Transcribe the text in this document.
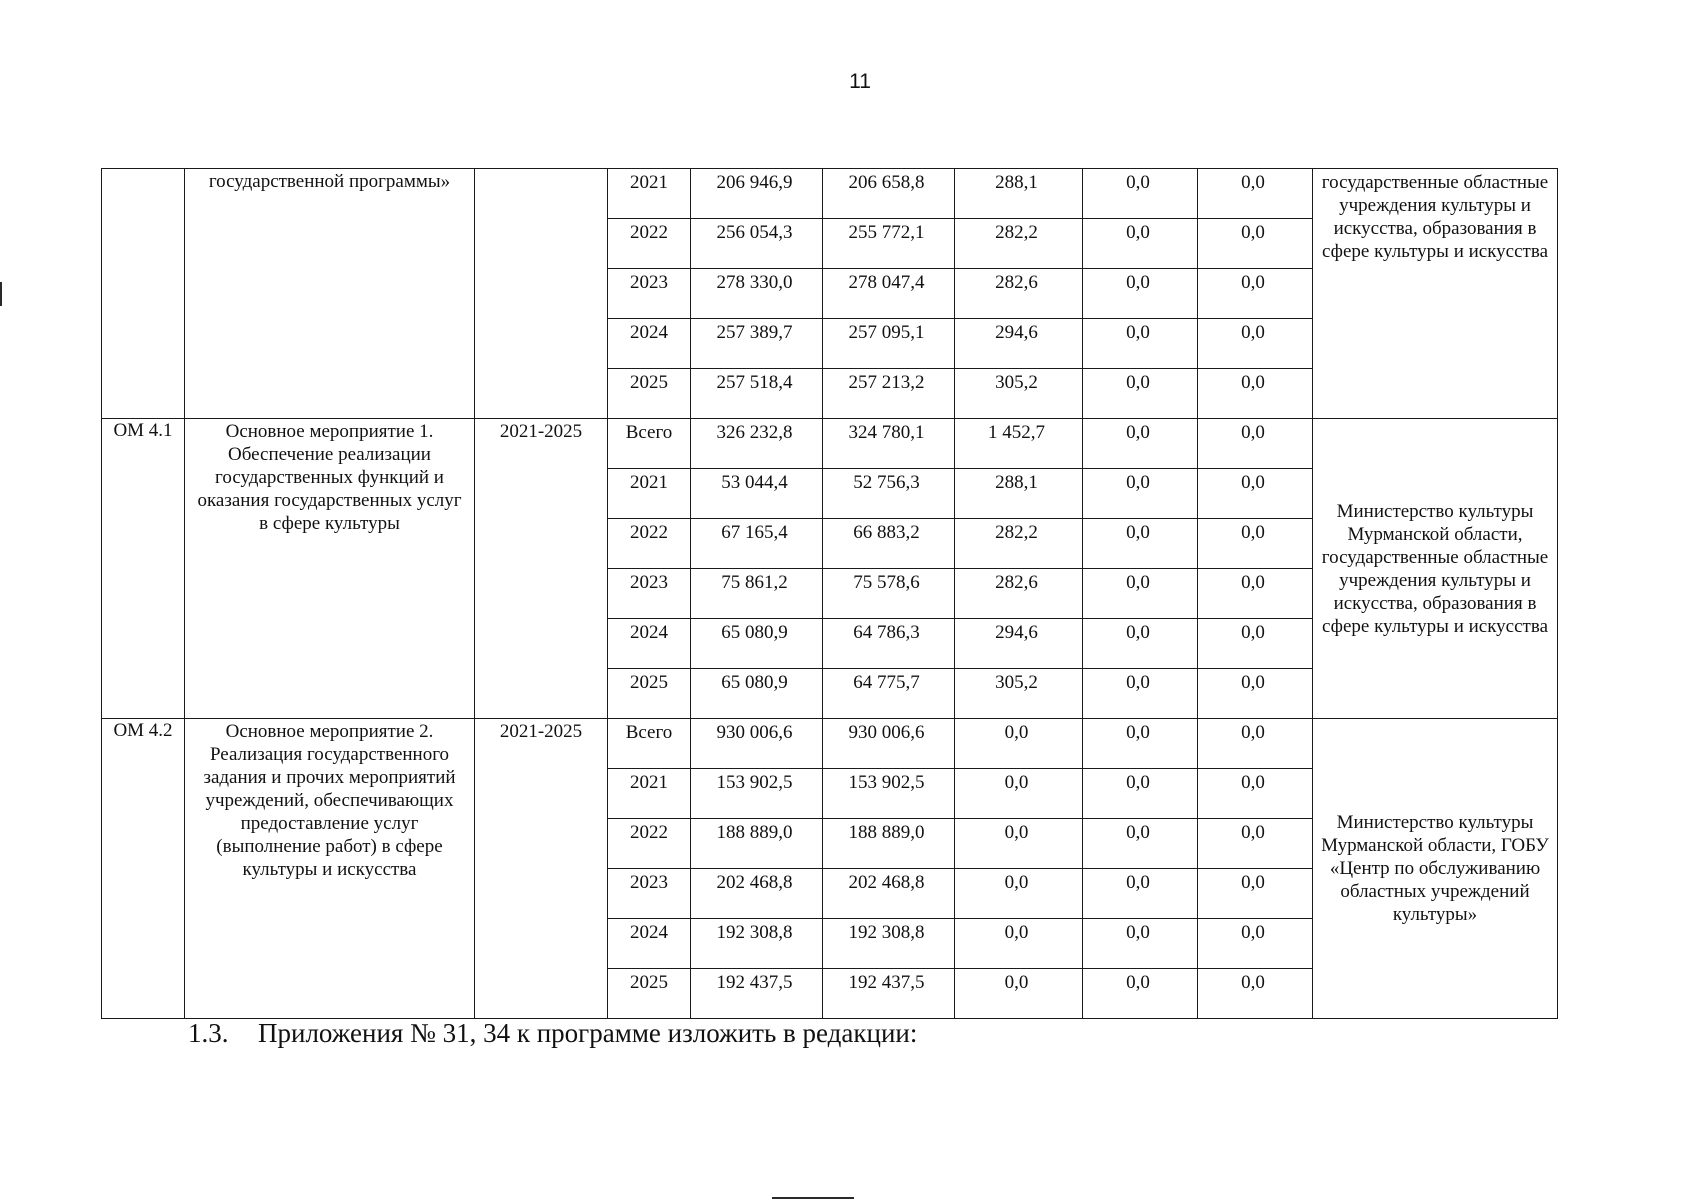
11
	государственной программы»		2021	206 946,9	206 658,8	288,1	0,0	0,0	государственные областные учреждения культуры и искусства, образования в сфере культуры и искусства
			2022	256 054,3	255 772,1	282,2	0,0	0,0	
			2023	278 330,0	278 047,4	282,6	0,0	0,0	
			2024	257 389,7	257 095,1	294,6	0,0	0,0	
			2025	257 518,4	257 213,2	305,2	0,0	0,0	
ОМ 4.1	Основное мероприятие 1. Обеспечение реализации государственных функций и оказания государственных услуг в сфере культуры	2021-2025	Всего	326 232,8	324 780,1	1 452,7	0,0	0,0	Министерство культуры Мурманской области, государственные областные учреждения культуры и искусства, образования в сфере культуры и искусства
			2021	53 044,4	52 756,3	288,1	0,0	0,0	
			2022	67 165,4	66 883,2	282,2	0,0	0,0	
			2023	75 861,2	75 578,6	282,6	0,0	0,0	
			2024	65 080,9	64 786,3	294,6	0,0	0,0	
			2025	65 080,9	64 775,7	305,2	0,0	0,0	
ОМ 4.2	Основное мероприятие 2. Реализация государственного задания и прочих мероприятий учреждений, обеспечивающих предоставление услуг (выполнение работ) в сфере культуры и искусства	2021-2025	Всего	930 006,6	930 006,6	0,0	0,0	0,0	Министерство культуры Мурманской области, ГОБУ «Центр по обслуживанию областных учреждений культуры»
			2021	153 902,5	153 902,5	0,0	0,0	0,0	
			2022	188 889,0	188 889,0	0,0	0,0	0,0	
			2023	202 468,8	202 468,8	0,0	0,0	0,0	
			2024	192 308,8	192 308,8	0,0	0,0	0,0	
			2025	192 437,5	192 437,5	0,0	0,0	0,0	
1.3. Приложения № 31, 34 к программе изложить в редакции:
